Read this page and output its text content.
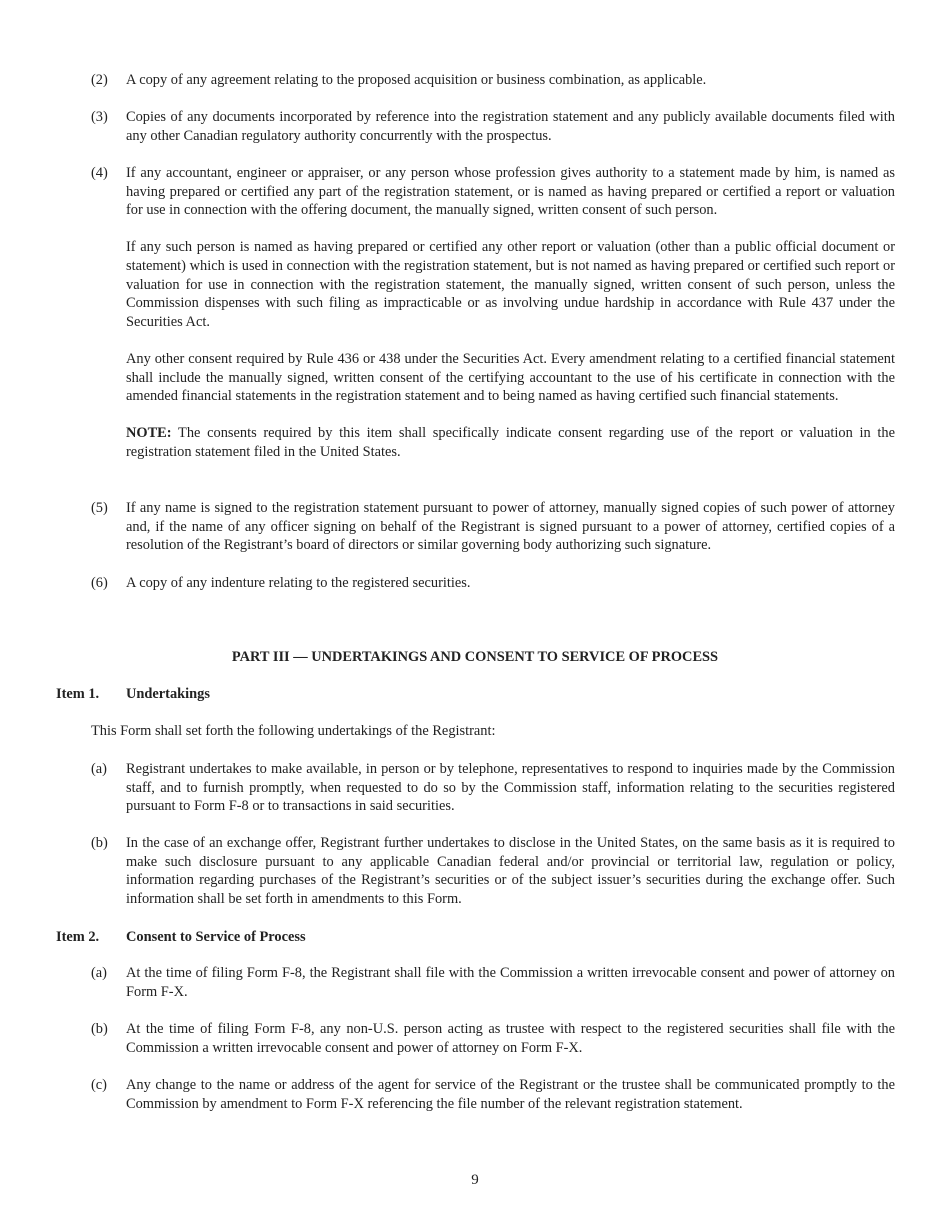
(2) A copy of any agreement relating to the proposed acquisition or business combination, as applicable.

(3) Copies of any documents incorporated by reference into the registration statement and any publicly available documents filed with any other Canadian regulatory authority concurrently with the prospectus.

(4) If any accountant, engineer or appraiser, or any person whose profession gives authority to a statement made by him, is named as having prepared or certified any part of the registration statement, or is named as having prepared or certified a report or valuation for use in connection with the offering document, the manually signed, written consent of such person.

If any such person is named as having prepared or certified any other report or valuation (other than a public official document or statement) which is used in connection with the registration statement, but is not named as having prepared or certified such report or valuation for use in connection with the registration statement, the manually signed, written consent of such person, unless the Commission dispenses with such filing as impracticable or as involving undue hardship in accordance with Rule 437 under the Securities Act.

Any other consent required by Rule 436 or 438 under the Securities Act. Every amendment relating to a certified financial statement shall include the manually signed, written consent of the certifying accountant to the use of his certificate in connection with the amended financial statements in the registration statement and to being named as having certified such financial statements.

NOTE: The consents required by this item shall specifically indicate consent regarding use of the report or valuation in the registration statement filed in the United States.

(5) If any name is signed to the registration statement pursuant to power of attorney, manually signed copies of such power of attorney and, if the name of any officer signing on behalf of the Registrant is signed pursuant to a power of attorney, certified copies of a resolution of the Registrant’s board of directors or similar governing body authorizing such signature.

(6) A copy of any indenture relating to the registered securities.

PART III — UNDERTAKINGS AND CONSENT TO SERVICE OF PROCESS
Item 1. Undertakings
This Form shall set forth the following undertakings of the Registrant:
(a) Registrant undertakes to make available, in person or by telephone, representatives to respond to inquiries made by the Commission staff, and to furnish promptly, when requested to do so by the Commission staff, information relating to the securities registered pursuant to Form F-8 or to transactions in said securities.

(b) In the case of an exchange offer, Registrant further undertakes to disclose in the United States, on the same basis as it is required to make such disclosure pursuant to any applicable Canadian federal and/or provincial or territorial law, regulation or policy, information regarding purchases of the Registrant’s securities or of the subject issuer’s securities during the exchange offer. Such information shall be set forth in amendments to this Form.

Item 2. Consent to Service of Process
(a) At the time of filing Form F-8, the Registrant shall file with the Commission a written irrevocable consent and power of attorney on Form F-X.

(b) At the time of filing Form F-8, any non-U.S. person acting as trustee with respect to the registered securities shall file with the Commission a written irrevocable consent and power of attorney on Form F-X.

(c) Any change to the name or address of the agent for service of the Registrant or the trustee shall be communicated promptly to the Commission by amendment to Form F-X referencing the file number of the relevant registration statement.

9
